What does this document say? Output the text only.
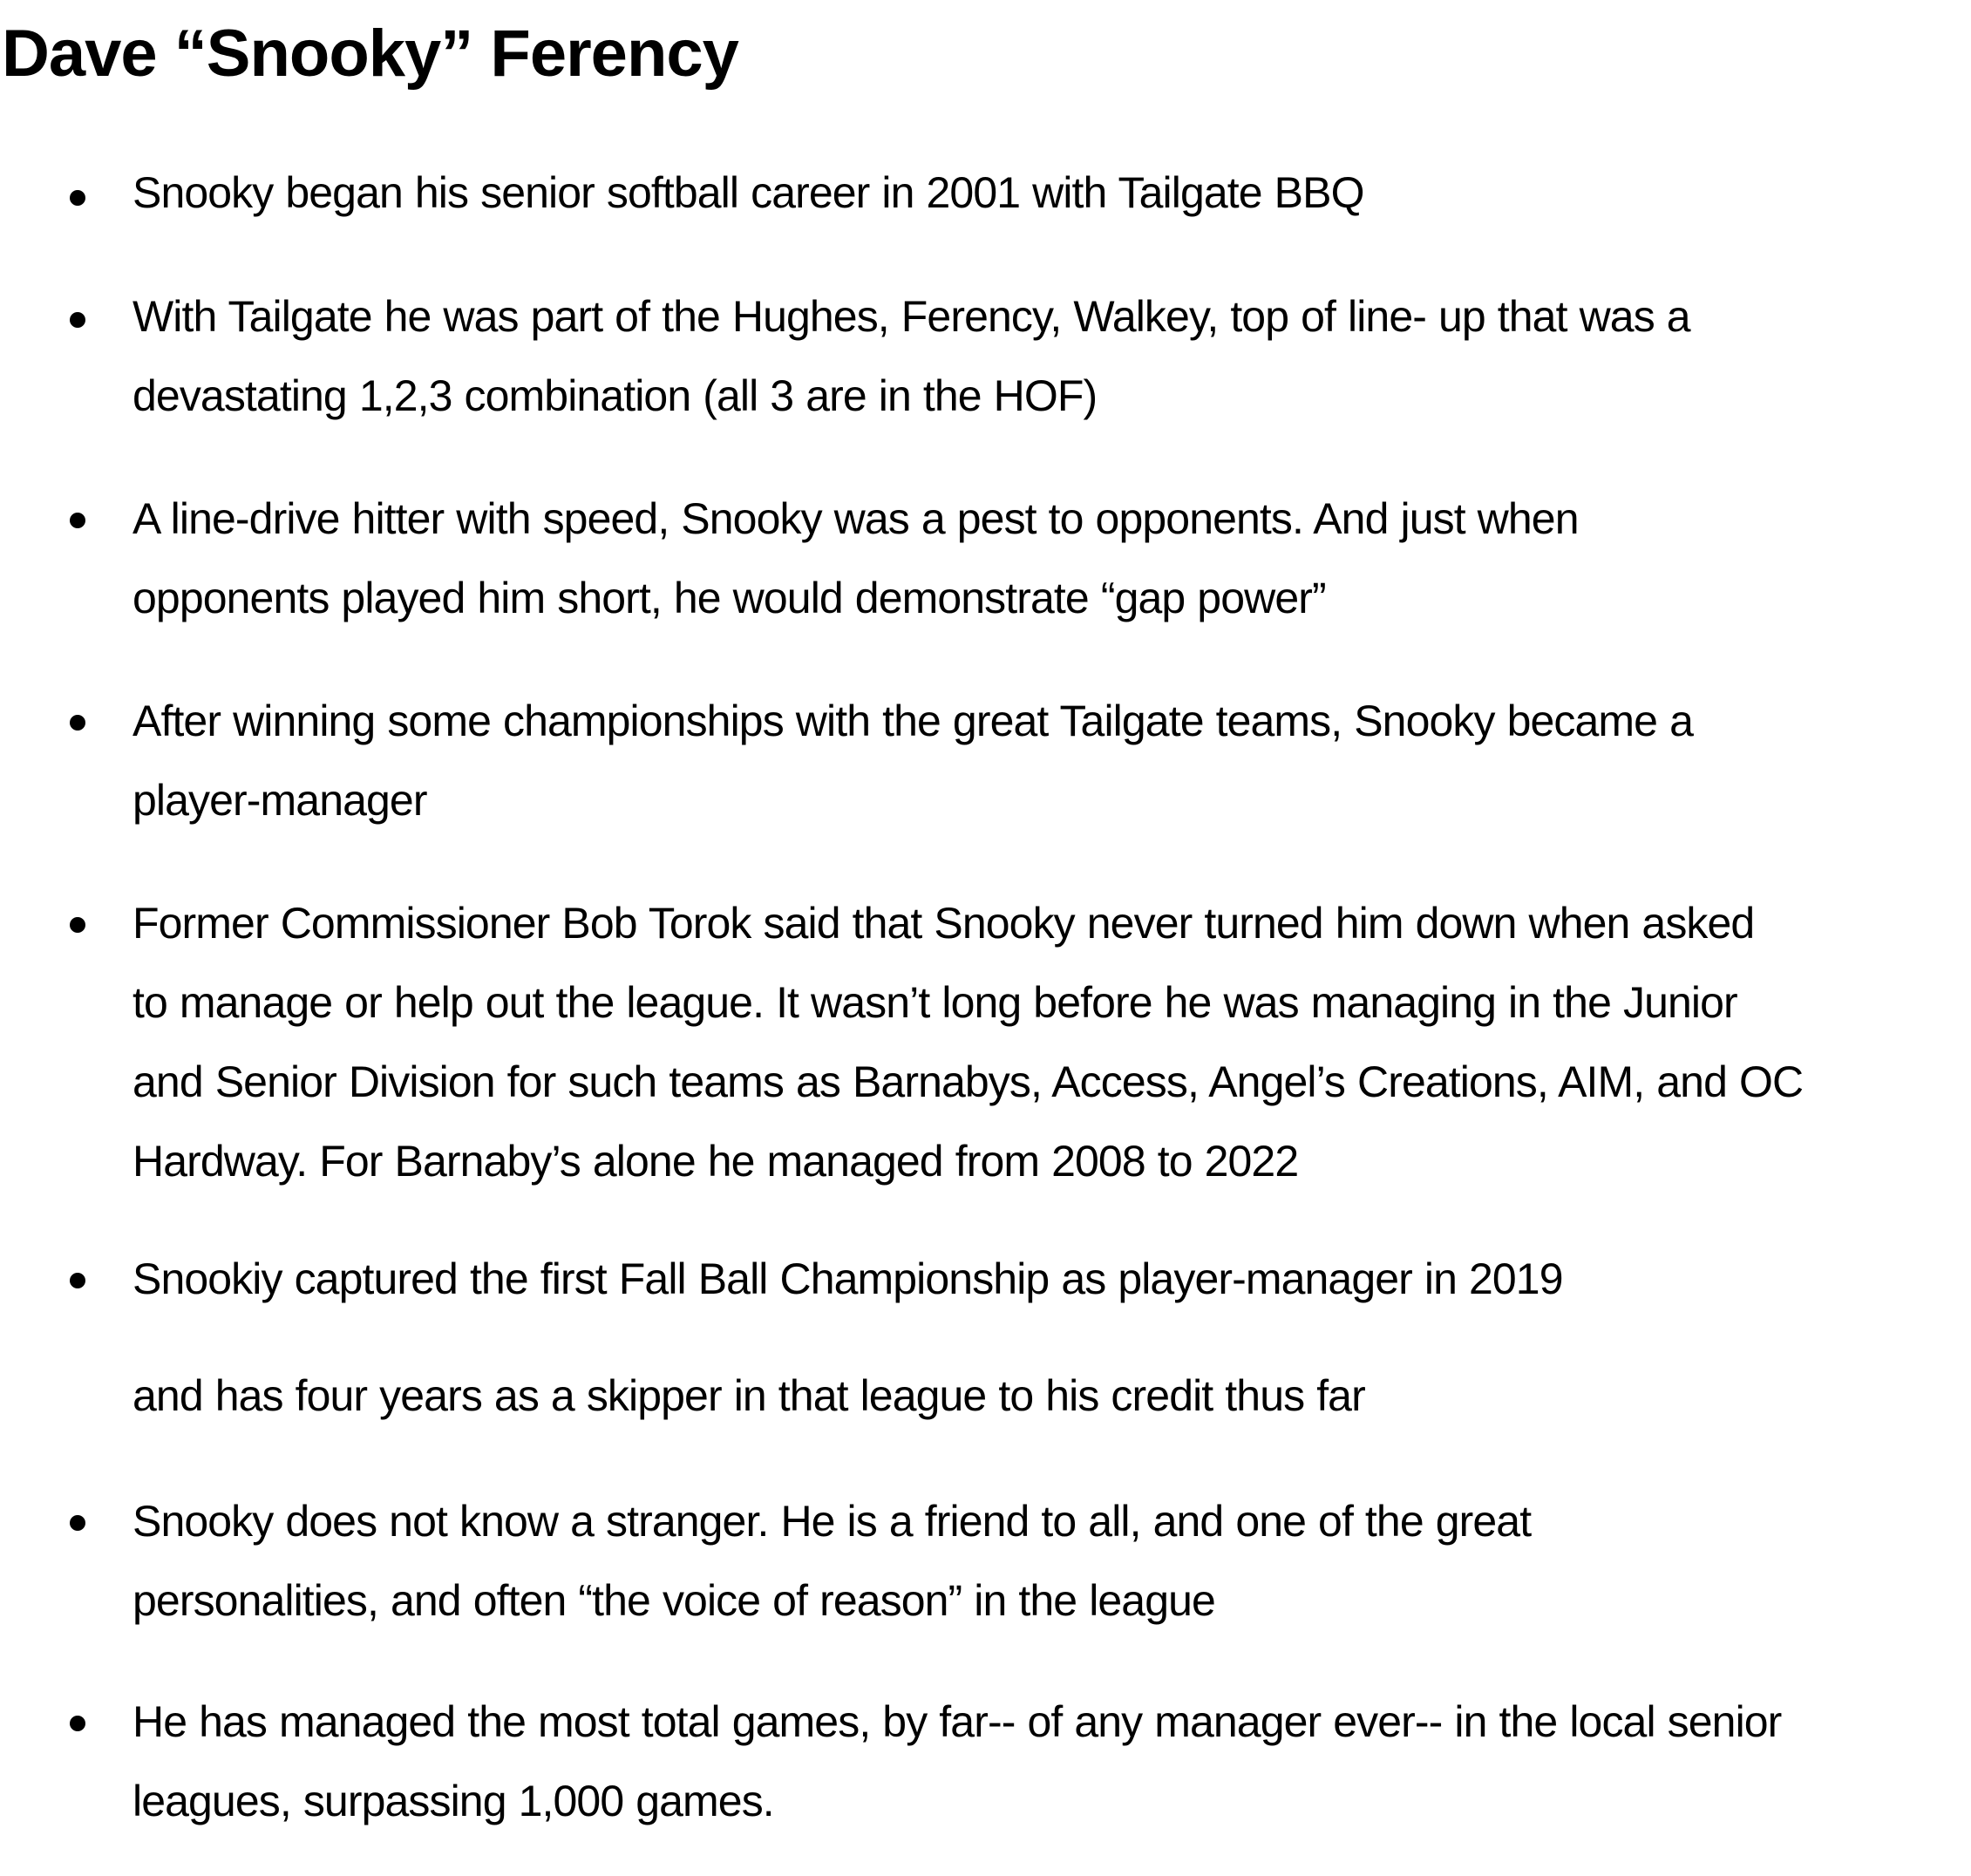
Dave “Snooky” Ferency

Snooky began his senior softball career in 2001 with Tailgate BBQ

With Tailgate he was part of the Hughes, Ferency, Walkey, top of line- up that was a
devastating 1,2,3 combination (all 3 are in the HOF)

A line-drive hitter with speed, Snooky was a pest to opponents. And just when
opponents played him short, he would demonstrate “gap power”

After winning some championships with the great Tailgate teams, Snooky became a
player-manager

Former Commissioner Bob Torok said that Snooky never turned him down when asked
to manage or help out the league. It wasn’t long before he was managing in the Junior
and Senior Division for such teams as Barnabys, Access, Angel’s Creations, AIM, and OC
Hardway. For Barnaby’s alone he managed from 2008 to 2022

Snookiy captured the first Fall Ball Championship as player-manager in 2019
and has four years as a skipper in that league to his credit thus far

Snooky does not know a stranger. He is a friend to all, and one of the great
personalities, and often “the voice of reason” in the league

He has managed the most total games, by far-- of any manager ever-- in the local senior
leagues, surpassing 1,000 games.
